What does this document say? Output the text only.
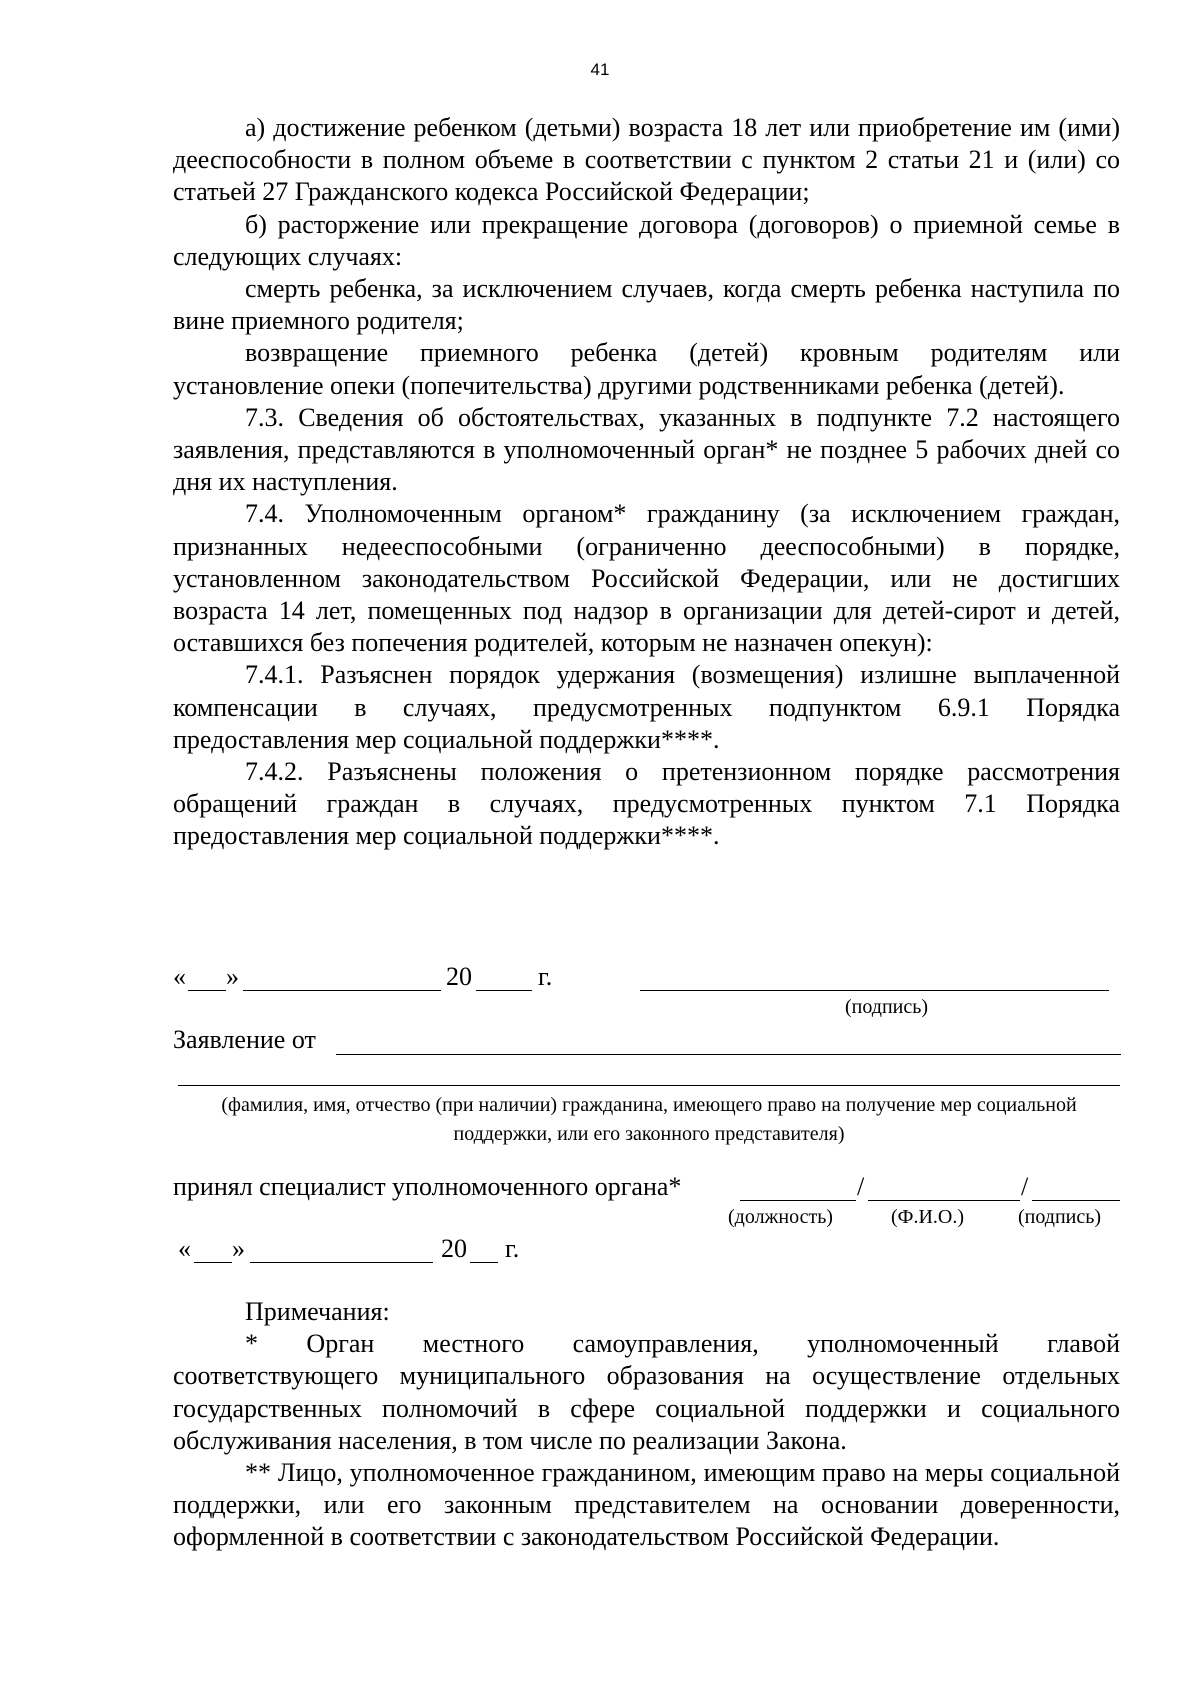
41

а) достижение ребенком (детьми) возраста 18 лет или приобретение им (ими) дееспособности в полном объеме в соответствии с пунктом 2 статьи 21 и (или) со статьей 27 Гражданского кодекса Российской Федерации;

б) расторжение или прекращение договора (договоров) о приемной семье в следующих случаях:

смерть ребенка, за исключением случаев, когда смерть ребенка наступила по вине приемного родителя;

возвращение приемного ребенка (детей) кровным родителям или установление опеки (попечительства) другими родственниками ребенка (детей).

7.3. Сведения об обстоятельствах, указанных в подпункте 7.2 настоящего заявления, представляются в уполномоченный орган* не позднее 5 рабочих дней со дня их наступления.

7.4. Уполномоченным органом* гражданину (за исключением граждан, признанных недееспособными (ограниченно дееспособными) в порядке, установленном законодательством Российской Федерации, или не достигших возраста 14 лет, помещенных под надзор в организации для детей-сирот и детей, оставшихся без попечения родителей, которым не назначен опекун):

7.4.1. Разъяснен порядок удержания (возмещения) излишне выплаченной компенсации в случаях, предусмотренных подпунктом 6.9.1 Порядка предоставления мер социальной поддержки****.

7.4.2. Разъяснены положения о претензионном порядке рассмотрения обращений граждан в случаях, предусмотренных пунктом 7.1 Порядка предоставления мер социальной поддержки****.

« »	20	г.
(подпись)
Заявление от
(фамилия, имя, отчество (при наличии) гражданина, имеющего право на получение мер социальной поддержки, или его законного представителя)
принял специалист уполномоченного органа*	/	/
(должность)	(Ф.И.О.)	(подпись)
« »	20 г.

Примечания:

* Орган местного самоуправления, уполномоченный главой соответствующего муниципального образования на осуществление отдельных государственных полномочий в сфере социальной поддержки и социального обслуживания населения, в том числе по реализации Закона.

** Лицо, уполномоченное гражданином, имеющим право на меры социальной поддержки, или его законным представителем на основании доверенности, оформленной в соответствии с законодательством Российской Федерации.
